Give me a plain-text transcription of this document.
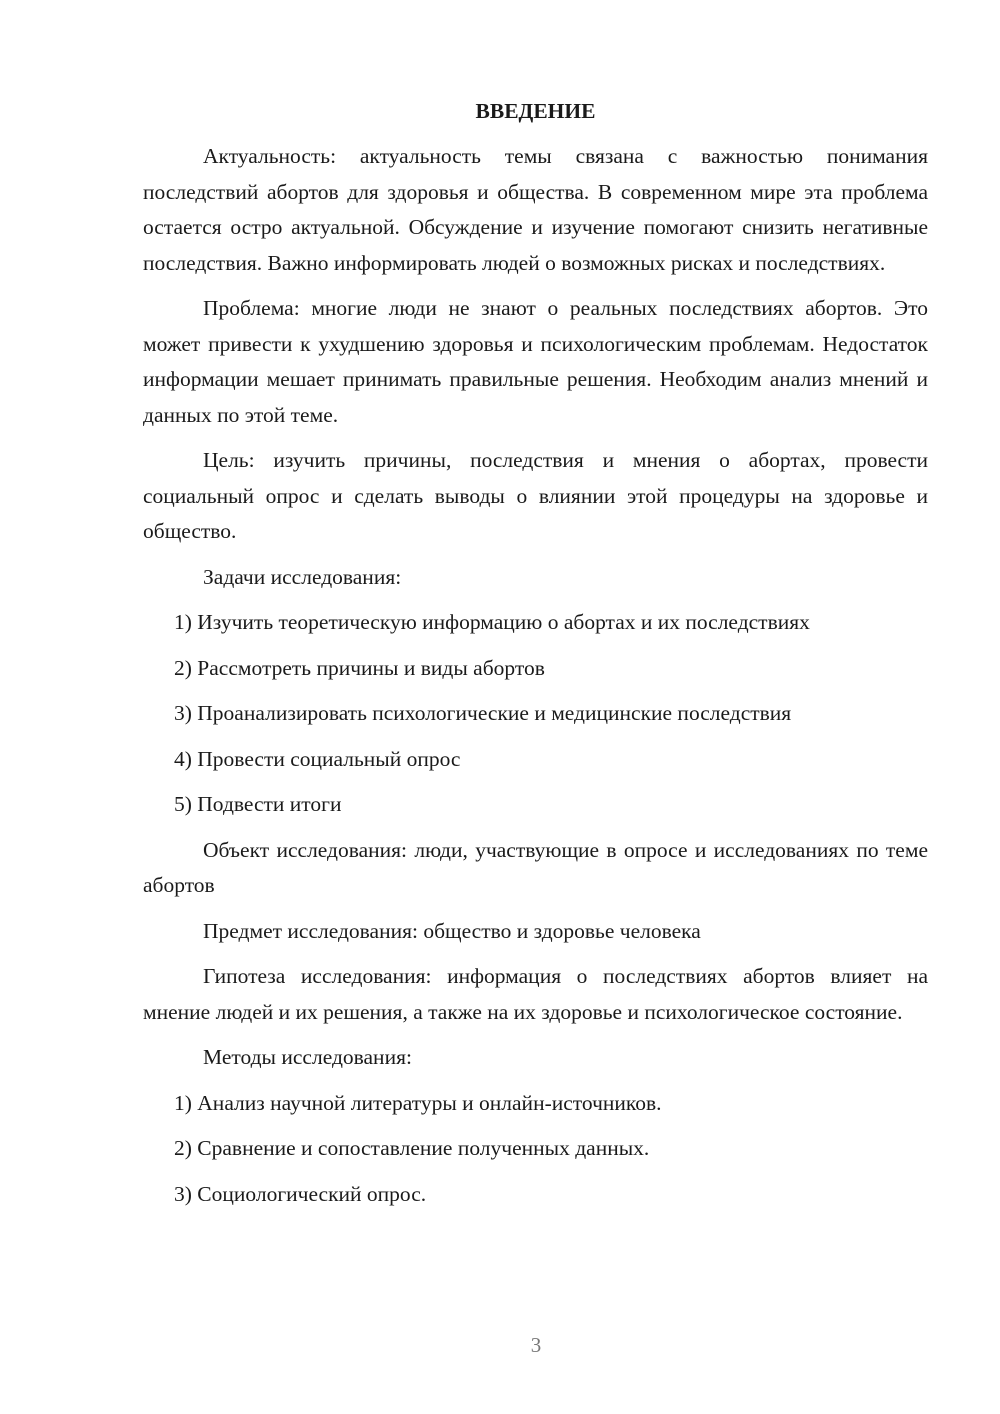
ВВЕДЕНИЕ

Актуальность: актуальность темы связана с важностью понимания последствий абортов для здоровья и общества. В современном мире эта проблема остается остро актуальной. Обсуждение и изучение помогают снизить негативные последствия. Важно информировать людей о возможных рисках и последствиях.

Проблема: многие люди не знают о реальных последствиях абортов. Это может привести к ухудшению здоровья и психологическим проблемам. Недостаток информации мешает принимать правильные решения. Необходим анализ мнений и данных по этой теме.

Цель: изучить причины, последствия и мнения о абортах, провести социальный опрос и сделать выводы о влиянии этой процедуры на здоровье и общество.

Задачи исследования:

1) Изучить теоретическую информацию о абортах и их последствиях

2) Рассмотреть причины и виды абортов

3) Проанализировать психологические и медицинские последствия

4) Провести социальный опрос

5) Подвести итоги

Объект исследования: люди, участвующие в опросе и исследованиях по теме абортов

Предмет исследования: общество и здоровье человека

Гипотеза исследования: информация о последствиях абортов влияет на мнение людей и их решения, а также на их здоровье и психологическое состояние.

Методы исследования:

1) Анализ научной литературы и онлайн-источников.

2) Сравнение и сопоставление полученных данных.

3) Социологический опрос.

3
